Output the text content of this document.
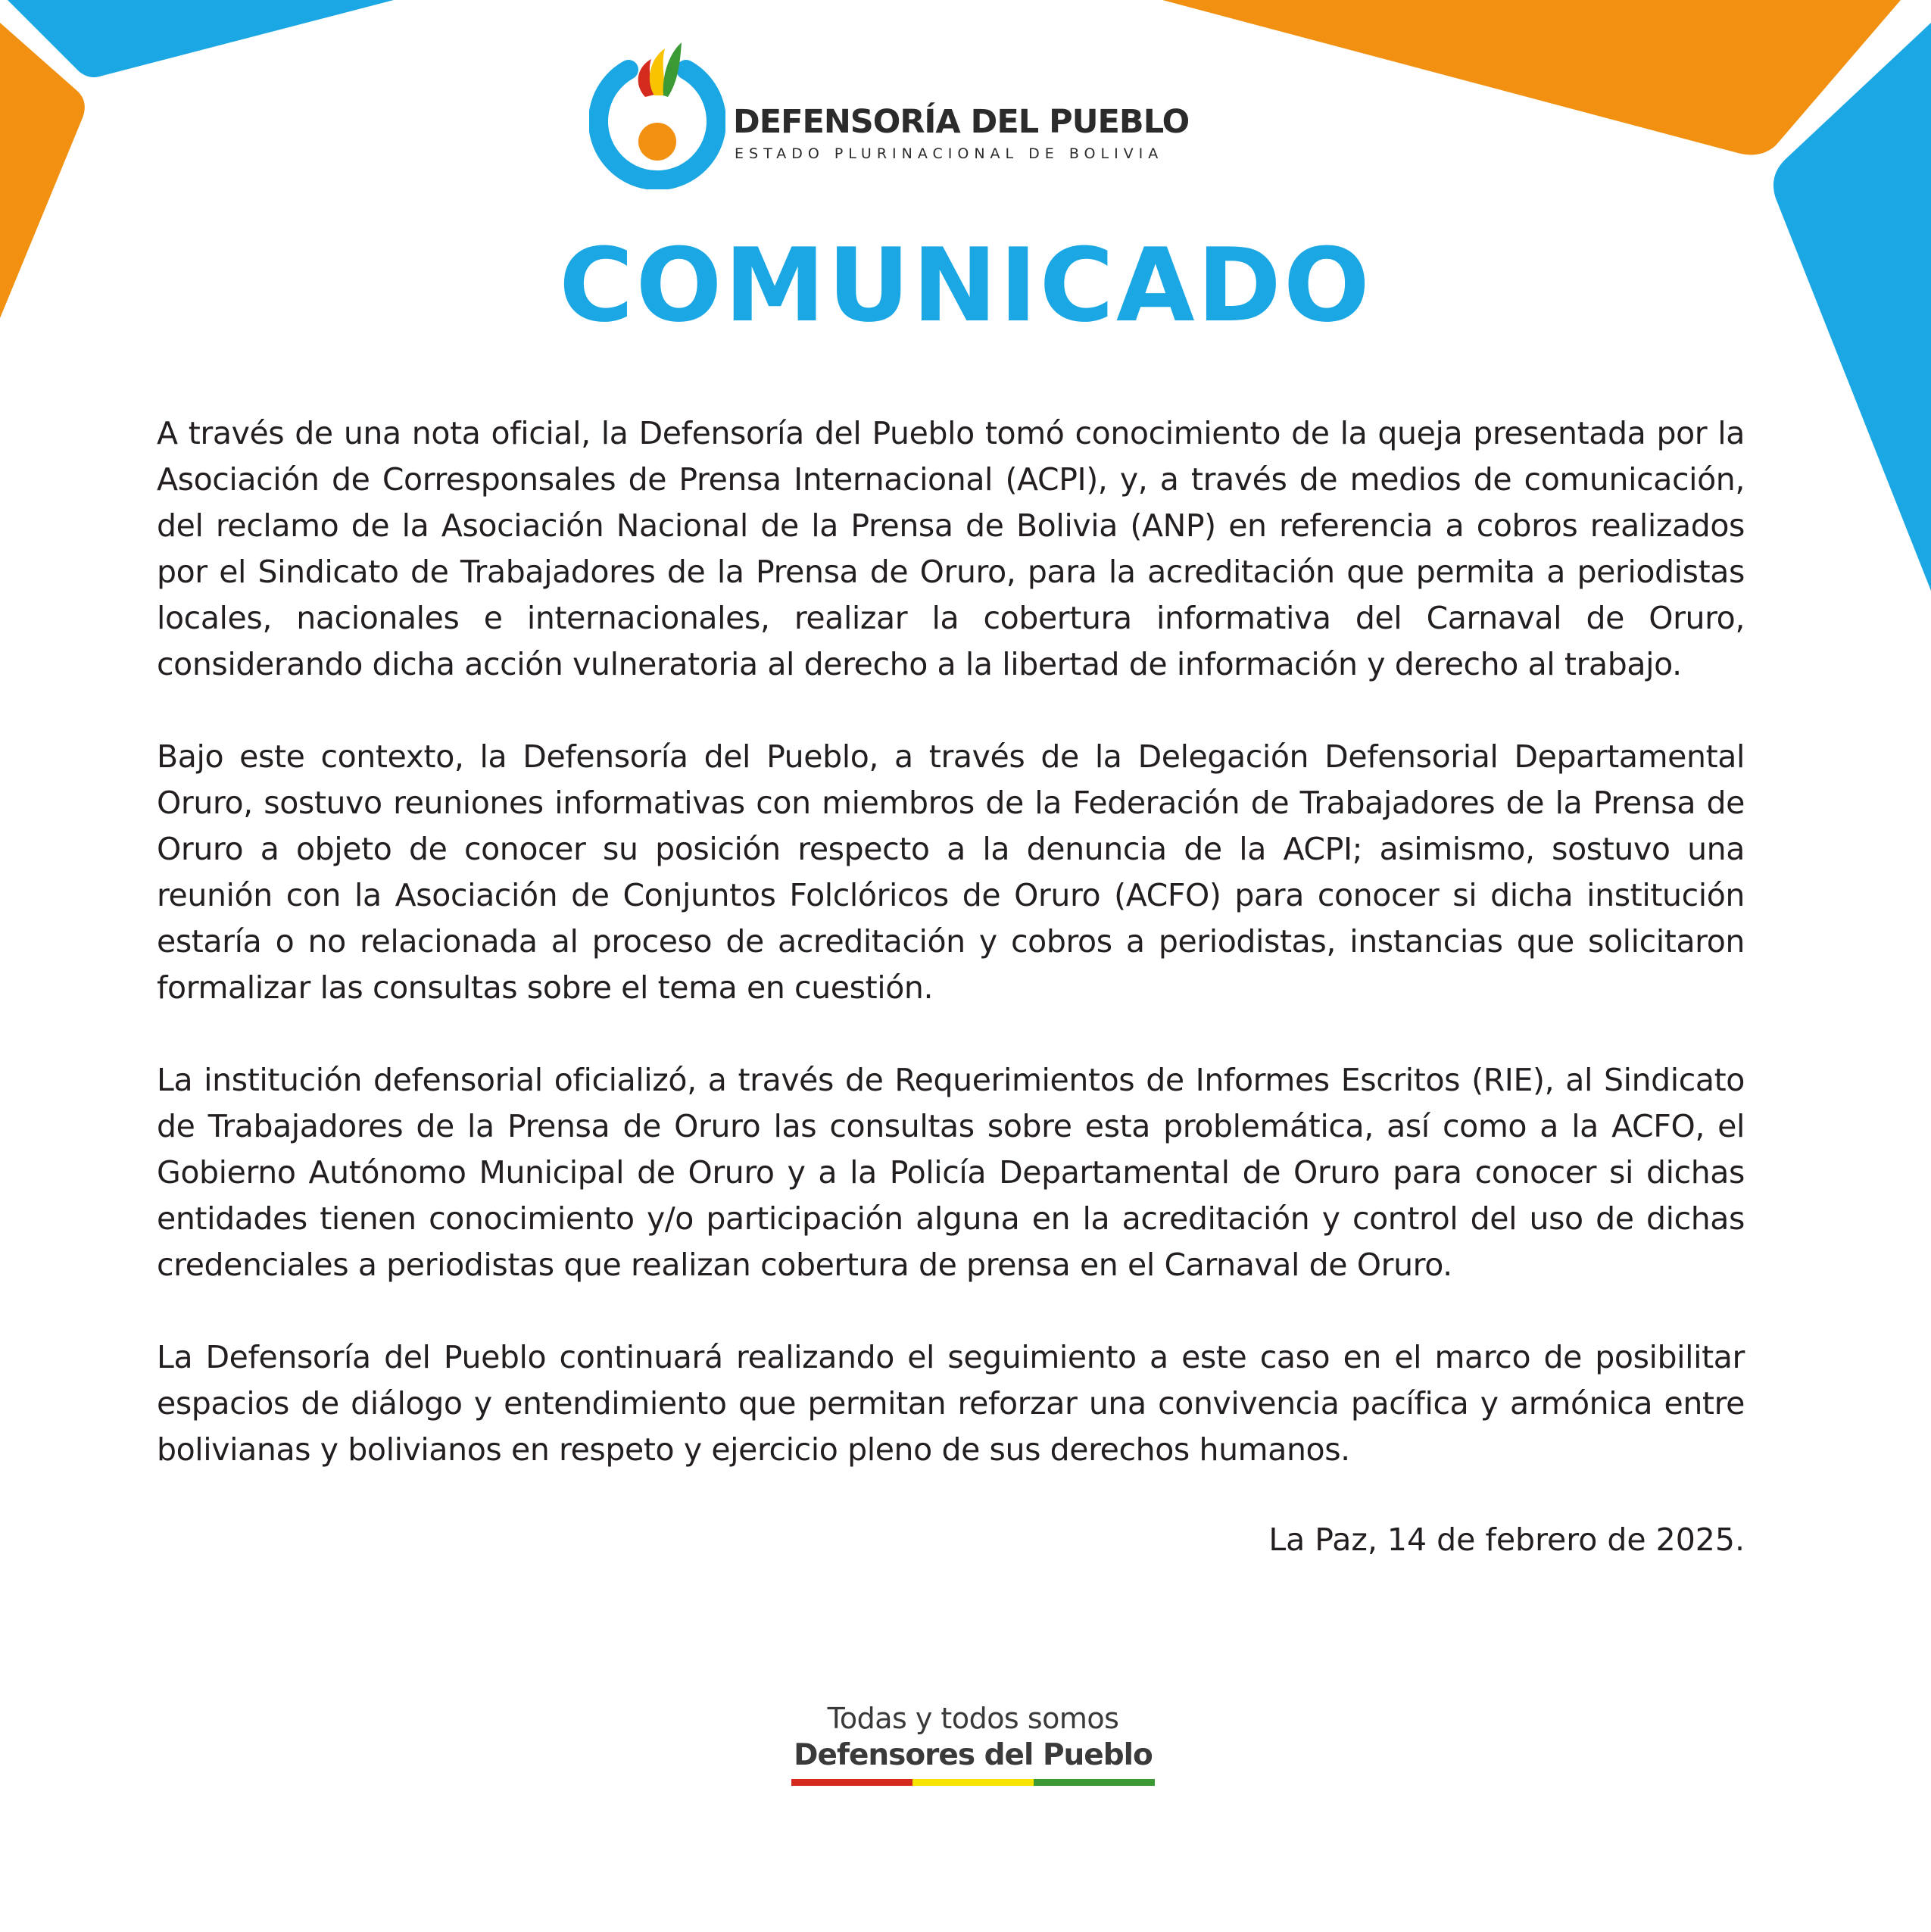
DEFENSORÍA DEL PUEBLO
ESTADO PLURINACIONAL DE BOLIVIA
COMUNICADO

A través de una nota oficial, la Defensoría del Pueblo tomó conocimiento de la queja presentada por la Asociación de Corresponsales de Prensa Internacional (ACPI), y, a través de medios de comunicación, del reclamo de la Asociación Nacional de la Prensa de Bolivia (ANP) en referencia a cobros realizados por el Sindicato de Trabajadores de la Prensa de Oruro, para la acreditación que permita a periodistas locales, nacionales e internacionales, realizar la cobertura informativa del Carnaval de Oruro, considerando dicha acción vulneratoria al derecho a la libertad de información y derecho al trabajo.

Bajo este contexto, la Defensoría del Pueblo, a través de la Delegación Defensorial Departamental Oruro, sostuvo reuniones informativas con miembros de la Federación de Trabajadores de la Prensa de Oruro a objeto de conocer su posición respecto a la denuncia de la ACPI; asimismo, sostuvo una reunión con la Asociación de Conjuntos Folclóricos de Oruro (ACFO) para conocer si dicha institución estaría o no relacionada al proceso de acreditación y cobros a periodistas, instancias que solicitaron formalizar las consultas sobre el tema en cuestión.

La institución defensorial oficializó, a través de Requerimientos de Informes Escritos (RIE), al Sindicato de Trabajadores de la Prensa de Oruro las consultas sobre esta problemática, así como a la ACFO, el Gobierno Autónomo Municipal de Oruro y a la Policía Departamental de Oruro para conocer si dichas entidades tienen conocimiento y/o participación alguna en la acreditación y control del uso de dichas credenciales a periodistas que realizan cobertura de prensa en el Carnaval de Oruro.

La Defensoría del Pueblo continuará realizando el seguimiento a este caso en el marco de posibilitar espacios de diálogo y entendimiento que permitan reforzar una convivencia pacífica y armónica entre bolivianas y bolivianos en respeto y ejercicio pleno de sus derechos humanos.

La Paz, 14 de febrero de 2025.
Todas y todos somos
Defensores del Pueblo
